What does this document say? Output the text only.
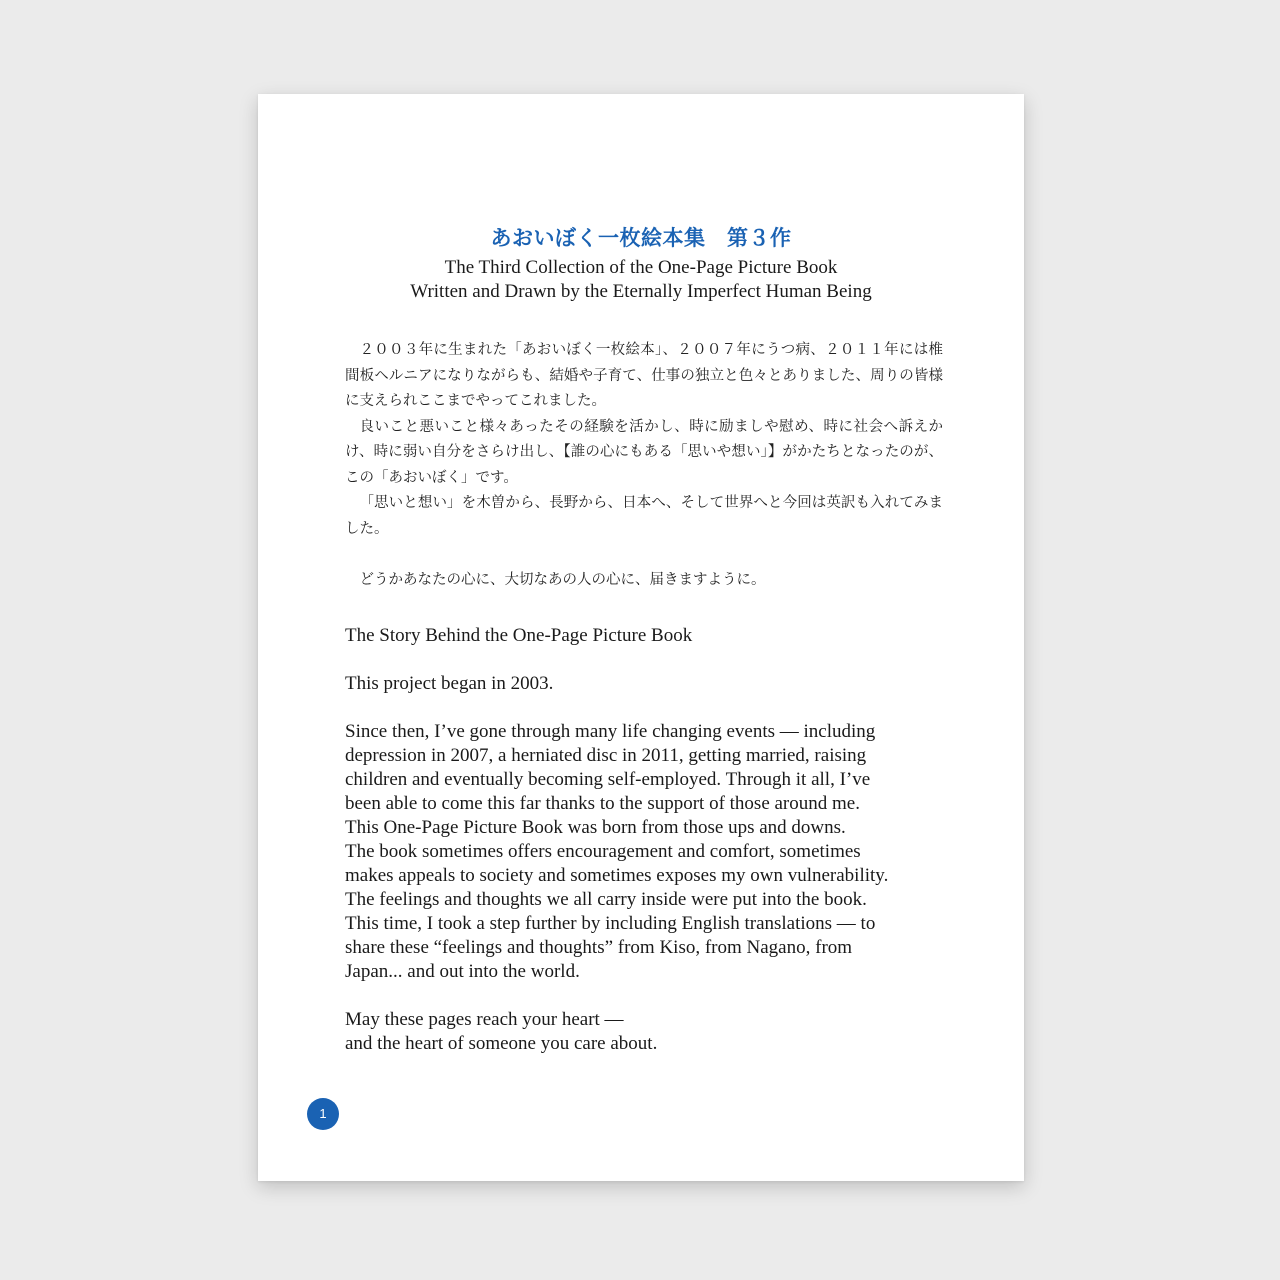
あおいぼく一枚絵本集　第３作
The Third Collection of the One-Page Picture Book
Written and Drawn by the Eternally Imperfect Human Being

２００３年に生まれた「あおいぼく一枚絵本」、２００７年にうつ病、２０１１年には椎間板ヘルニアになりながらも、結婚や子育て、仕事の独立と色々とありました、周りの皆様に支えられここまでやってこれました。

良いこと悪いこと様々あったその経験を活かし、時に励ましや慰め、時に社会へ訴えかけ、時に弱い自分をさらけ出し、【誰の心にもある「思いや想い」】がかたちとなったのが、この「あおいぼく」です。

「思いと想い」を木曽から、長野から、日本へ、そして世界へと今回は英訳も入れてみました。

どうかあなたの心に、大切なあの人の心に、届きますように。

The Story Behind the One-Page Picture Book

This project began in 2003.

Since then, I’ve gone through many life changing events — including
depression in 2007, a herniated disc in 2011, getting married, raising
children and eventually becoming self-employed. Through it all, I’ve
been able to come this far thanks to the support of those around me.
This One-Page Picture Book was born from those ups and downs.
The book sometimes offers encouragement and comfort, sometimes
makes appeals to society and sometimes exposes my own vulnerability.
The feelings and thoughts we all carry inside were put into the book.
This time, I took a step further by including English translations — to
share these “feelings and thoughts” from Kiso, from Nagano, from
Japan... and out into the world.

May these pages reach your heart —
and the heart of someone you care about.

1
